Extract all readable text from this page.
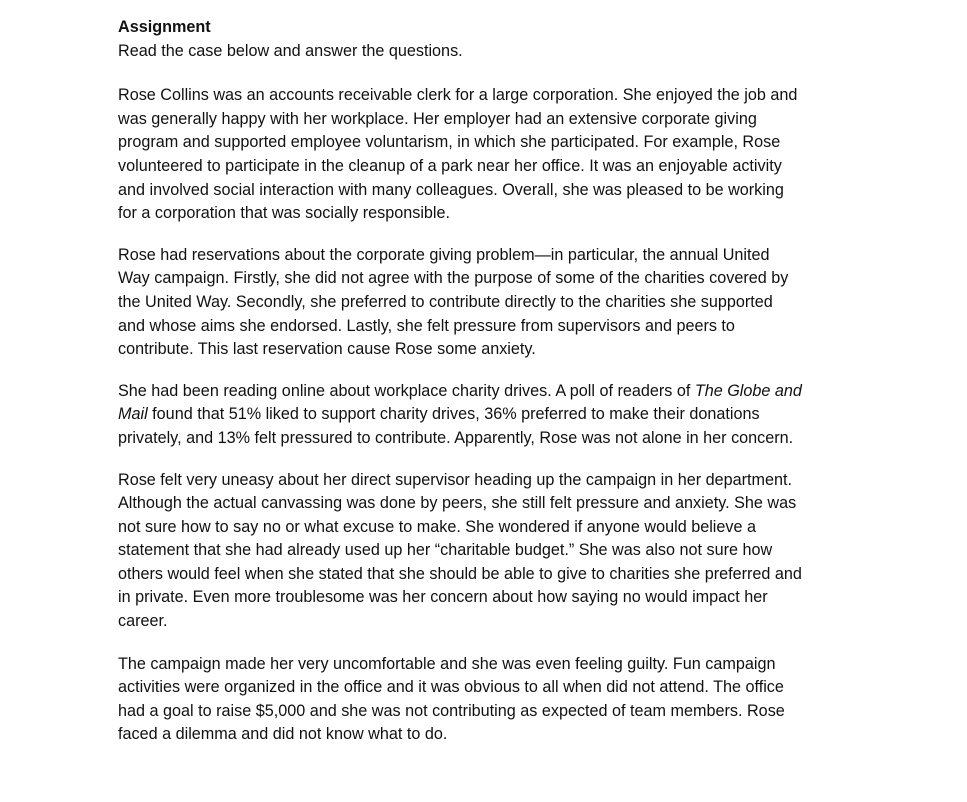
Assignment

Read the case below and answer the questions.

Rose Collins was an accounts receivable clerk for a large corporation. She enjoyed the job and
was generally happy with her workplace. Her employer had an extensive corporate giving
program and supported employee voluntarism, in which she participated. For example, Rose
volunteered to participate in the cleanup of a park near her office. It was an enjoyable activity
and involved social interaction with many colleagues. Overall, she was pleased to be working
for a corporation that was socially responsible.
Rose had reservations about the corporate giving problem—in particular, the annual United
Way campaign. Firstly, she did not agree with the purpose of some of the charities covered by
the United Way. Secondly, she preferred to contribute directly to the charities she supported
and whose aims she endorsed. Lastly, she felt pressure from supervisors and peers to
contribute. This last reservation cause Rose some anxiety.
She had been reading online about workplace charity drives. A poll of readers of The Globe and
Mail found that 51% liked to support charity drives, 36% preferred to make their donations
privately, and 13% felt pressured to contribute. Apparently, Rose was not alone in her concern.
Rose felt very uneasy about her direct supervisor heading up the campaign in her department.
Although the actual canvassing was done by peers, she still felt pressure and anxiety. She was
not sure how to say no or what excuse to make. She wondered if anyone would believe a
statement that she had already used up her “charitable budget.” She was also not sure how
others would feel when she stated that she should be able to give to charities she preferred and
in private. Even more troublesome was her concern about how saying no would impact her
career.
The campaign made her very uncomfortable and she was even feeling guilty. Fun campaign
activities were organized in the office and it was obvious to all when did not attend. The office
had a goal to raise $5,000 and she was not contributing as expected of team members. Rose
faced a dilemma and did not know what to do.
